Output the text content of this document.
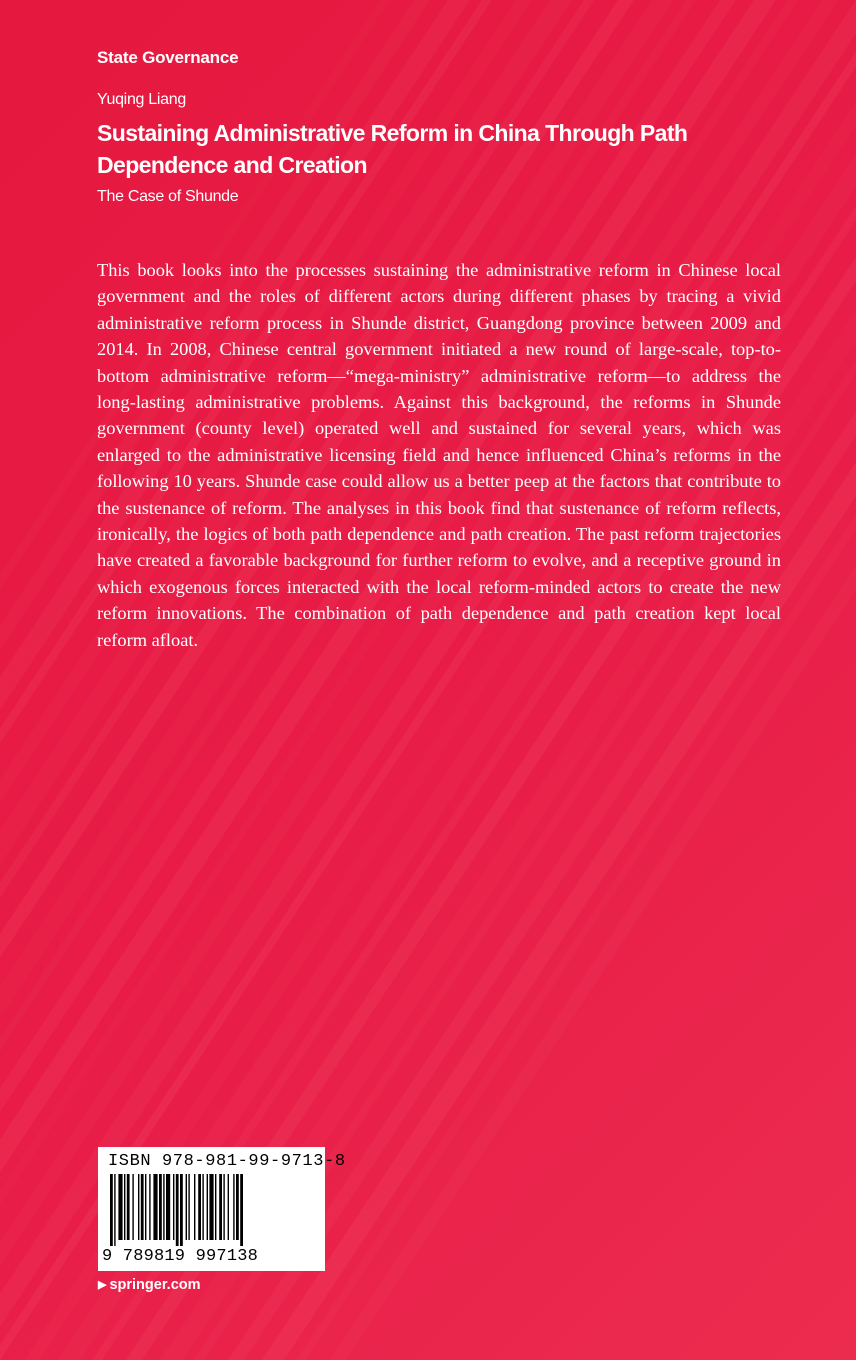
State Governance
Yuqing Liang
Sustaining Administrative Reform in China Through Path Dependence and Creation
The Case of Shunde

This book looks into the processes sustaining the administrative reform in Chinese local government and the roles of different actors during different phases by tracing a vivid administrative reform process in Shunde district, Guangdong province between 2009 and 2014. In 2008, Chinese central government initiated a new round of large-scale, top-to-bottom administrative reform—“mega-ministry” administrative reform—to address the long-lasting administrative problems. Against this background, the reforms in Shunde government (county level) operated well and sustained for several years, which was enlarged to the administrative licensing field and hence influenced China’s reforms in the following 10 years. Shunde case could allow us a better peep at the factors that contribute to the sustenance of reform. The analyses in this book find that sustenance of reform reflects, ironically, the logics of both path dependence and path creation. The past reform trajectories have created a favorable background for further reform to evolve, and a receptive ground in which exogenous forces interacted with the local reform-minded actors to create the new reform innovations. The combination of path dependence and path creation kept local reform afloat.

ISBN 978-981-99-9713-8
9 789819 997138
▶ springer.com
